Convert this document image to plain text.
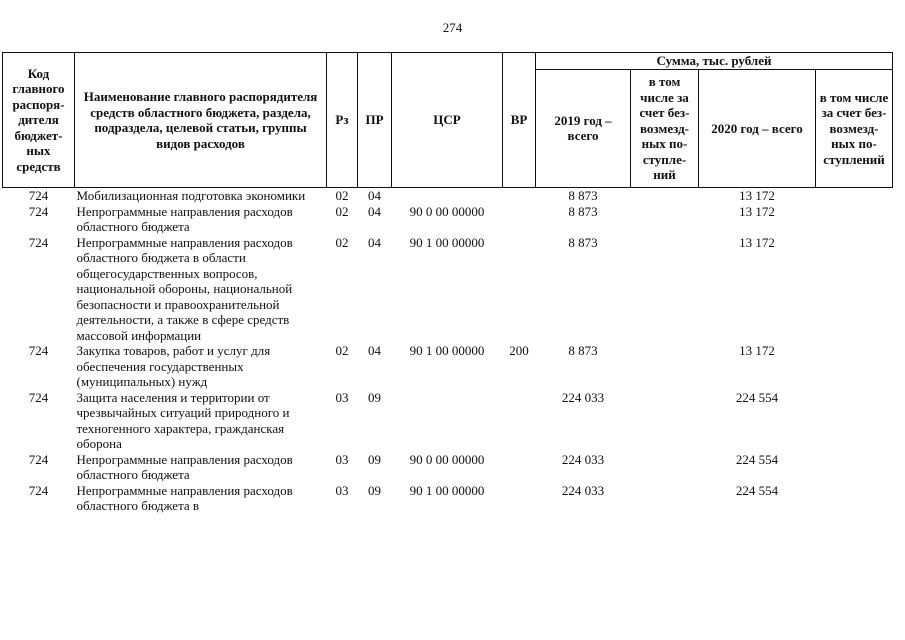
274
Код главного распоря-дителя бюджет-ных средств	Наименование главного распорядителя средств областного бюджета, раздела, подраздела, целевой статьи, группы видов расходов	Рз	ПР	ЦСР	ВР	Сумма, тыс. рублей			
						2019 год – всего	в том числе за счет без-возмезд-ных по-ступле-ний	2020 год – всего	в том числе за счет без-возмезд-ных по-ступлений
724	Мобилизационная подготовка экономики	02	04			8 873		13 172	
724	Непрограммные направления расходов областного бюджета	02	04	90 0 00 00000		8 873		13 172	
724	Непрограммные направления расходов областного бюджета в области общегосударственных вопросов, национальной обороны, национальной безопасности и правоохранительной деятельности, а также в сфере средств массовой информации	02	04	90 1 00 00000		8 873		13 172	
724	Закупка товаров, работ и услуг для обеспечения государственных (муниципальных) нужд	02	04	90 1 00 00000	200	8 873		13 172	
724	Защита населения и территории от чрезвычайных ситуаций природного и техногенного характера, гражданская оборона	03	09			224 033		224 554	
724	Непрограммные направления расходов областного бюджета	03	09	90 0 00 00000		224 033		224 554	
724	Непрограммные направления расходов областного бюджета в	03	09	90 1 00 00000		224 033		224 554	
